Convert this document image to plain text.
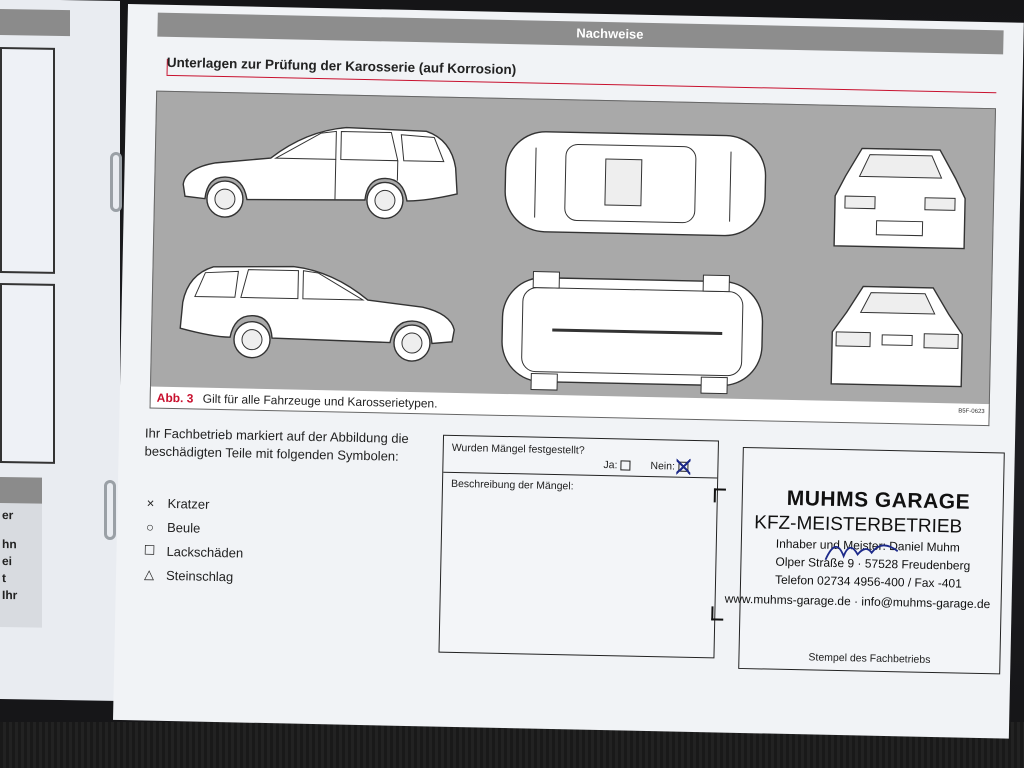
er
hn
ei
t
Ihr
Nachweise
Unterlagen zur Prüfung der Karosserie (auf Korrosion)
Abb. 3 Gilt für alle Fahrzeuge und Karosserietypen.
B5F-0623
Ihr Fachbetrieb markiert auf der Abbildung die beschädigten Teile mit folgenden Symbolen:
× Kratzer
○ Beule
☐ Lackschäden
△ Steinschlag
Wurden Mängel festgestellt?
Ja:	Nein:
Beschreibung der Mängel:
MUHMS GARAGE
KFZ-MEISTERBETRIEB
Inhaber und Meister: Daniel Muhm
Olper Straße 9 · 57528 Freudenberg
Telefon 02734 4956-400 / Fax -401
www.muhms-garage.de · info@muhms-garage.de
Stempel des Fachbetriebs
